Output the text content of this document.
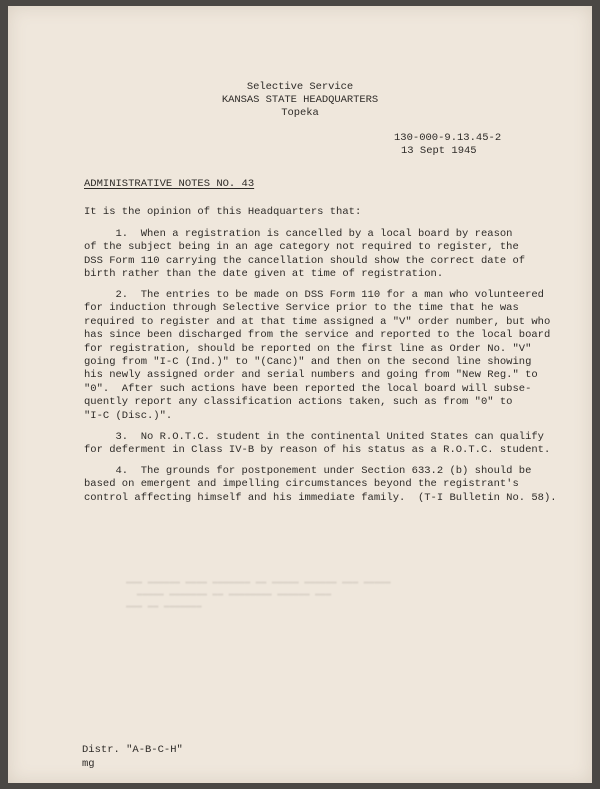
Selective Service
KANSAS STATE HEADQUARTERS
Topeka
130-000-9.13.45-2
13 Sept 1945
ADMINISTRATIVE NOTES NO. 43
It is the opinion of this Headquarters that:
1.  When a registration is cancelled by a local board by reason
of the subject being in an age category not required to register, the
DSS Form 110 carrying the cancellation should show the correct date of
birth rather than the date given at time of registration.
2.  The entries to be made on DSS Form 110 for a man who volunteered
for induction through Selective Service prior to the time that he was
required to register and at that time assigned a "V" order number, but who
has since been discharged from the service and reported to the local board
for registration, should be reported on the first line as Order No. "V"
going from "I-C (Ind.)" to "(Canc)" and then on the second line showing
his newly assigned order and serial numbers and going from "New Reg." to
"0".  After such actions have been reported the local board will subse-
quently report any classification actions taken, such as from "0" to
"I-C (Disc.)".
3.  No R.O.T.C. student in the continental United States can qualify
for deferment in Class IV-B by reason of his status as a R.O.T.C. student.
4.  The grounds for postponement under Section 633.2 (b) should be
based on emergent and impelling circumstances beyond the registrant's
control affecting himself and his immediate family.  (T-I Bulletin No. 58).
▬▬▬ ▬▬▬▬▬▬ ▬▬▬▬ ▬▬▬▬▬▬▬ ▬▬ ▬▬▬▬▬ ▬▬▬▬▬▬ ▬▬▬ ▬▬▬▬▬
▬▬▬▬▬ ▬▬▬▬▬▬▬ ▬▬ ▬▬▬▬▬▬▬▬ ▬▬▬▬▬▬ ▬▬▬
▬▬▬ ▬▬ ▬▬▬▬▬▬▬
Distr. "A-B-C-H"
mg
